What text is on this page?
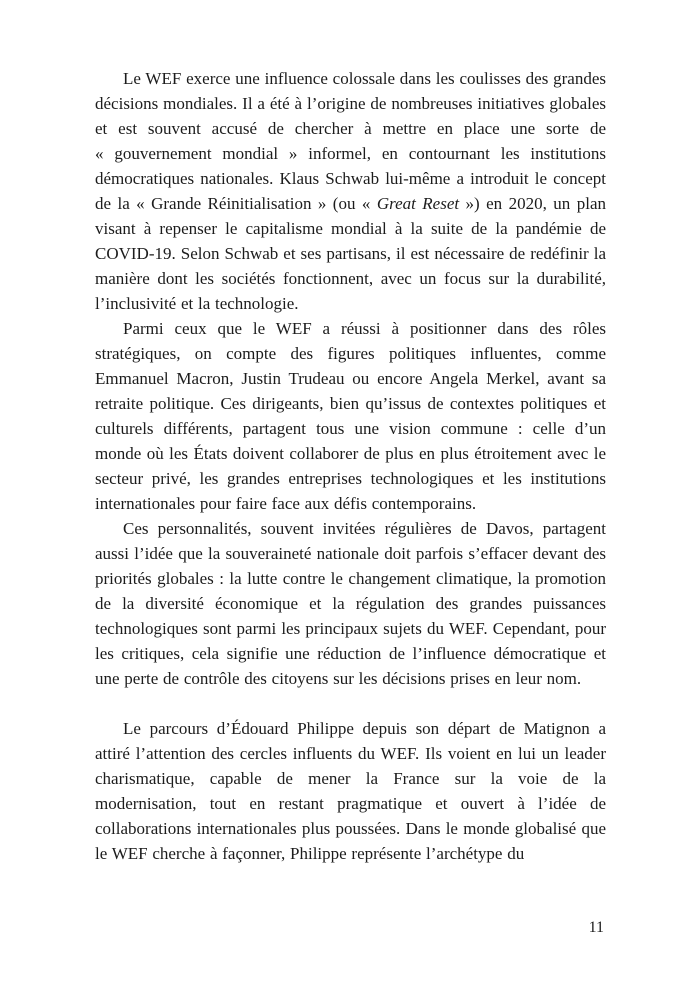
Le WEF exerce une influence colossale dans les coulisses des grandes décisions mondiales. Il a été à l’origine de nombreuses initiatives globales et est souvent accusé de chercher à mettre en place une sorte de « gouvernement mondial » informel, en contournant les institutions démocratiques nationales. Klaus Schwab lui-même a introduit le concept de la « Grande Réinitialisation » (ou « Great Reset ») en 2020, un plan visant à repenser le capitalisme mondial à la suite de la pandémie de COVID-19. Selon Schwab et ses partisans, il est nécessaire de redéfinir la manière dont les sociétés fonctionnent, avec un focus sur la durabilité, l’inclusivité et la technologie.

Parmi ceux que le WEF a réussi à positionner dans des rôles stratégiques, on compte des figures politiques influentes, comme Emmanuel Macron, Justin Trudeau ou encore Angela Merkel, avant sa retraite politique. Ces dirigeants, bien qu’issus de contextes politiques et culturels différents, partagent tous une vision commune : celle d’un monde où les États doivent collaborer de plus en plus étroitement avec le secteur privé, les grandes entreprises technologiques et les institutions internationales pour faire face aux défis contemporains.

Ces personnalités, souvent invitées régulières de Davos, partagent aussi l’idée que la souveraineté nationale doit parfois s’effacer devant des priorités globales : la lutte contre le changement climatique, la promotion de la diversité économique et la régulation des grandes puissances technologiques sont parmi les principaux sujets du WEF. Cependant, pour les critiques, cela signifie une réduction de l’influence démocratique et une perte de contrôle des citoyens sur les décisions prises en leur nom.

Le parcours d’Édouard Philippe depuis son départ de Matignon a attiré l’attention des cercles influents du WEF. Ils voient en lui un leader charismatique, capable de mener la France sur la voie de la modernisation, tout en restant pragmatique et ouvert à l’idée de collaborations internationales plus poussées. Dans le monde globalisé que le WEF cherche à façonner, Philippe représente l’archétype du

11
